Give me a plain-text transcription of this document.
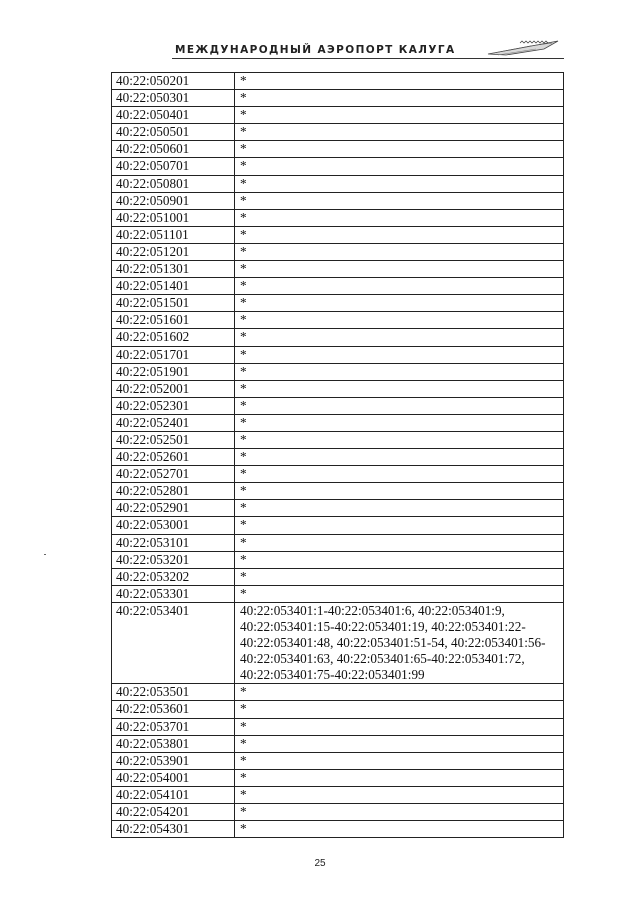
МЕЖДУНАРОДНЫЙ АЭРОПОРТ КАЛУГА
40:22:050201	*
40:22:050301	*
40:22:050401	*
40:22:050501	*
40:22:050601	*
40:22:050701	*
40:22:050801	*
40:22:050901	*
40:22:051001	*
40:22:051101	*
40:22:051201	*
40:22:051301	*
40:22:051401	*
40:22:051501	*
40:22:051601	*
40:22:051602	*
40:22:051701	*
40:22:051901	*
40:22:052001	*
40:22:052301	*
40:22:052401	*
40:22:052501	*
40:22:052601	*
40:22:052701	*
40:22:052801	*
40:22:052901	*
40:22:053001	*
40:22:053101	*
40:22:053201	*
40:22:053202	*
40:22:053301	*
40:22:053401	40:22:053401:1-40:22:053401:6, 40:22:053401:9,
40:22:053401:15-40:22:053401:19, 40:22:053401:22-
40:22:053401:48, 40:22:053401:51-54, 40:22:053401:56-
40:22:053401:63, 40:22:053401:65-40:22:053401:72,
40:22:053401:75-40:22:053401:99

40:22:053501	*
40:22:053601	*
40:22:053701	*
40:22:053801	*
40:22:053901	*
40:22:054001	*
40:22:054101	*
40:22:054201	*
40:22:054301	*
25
